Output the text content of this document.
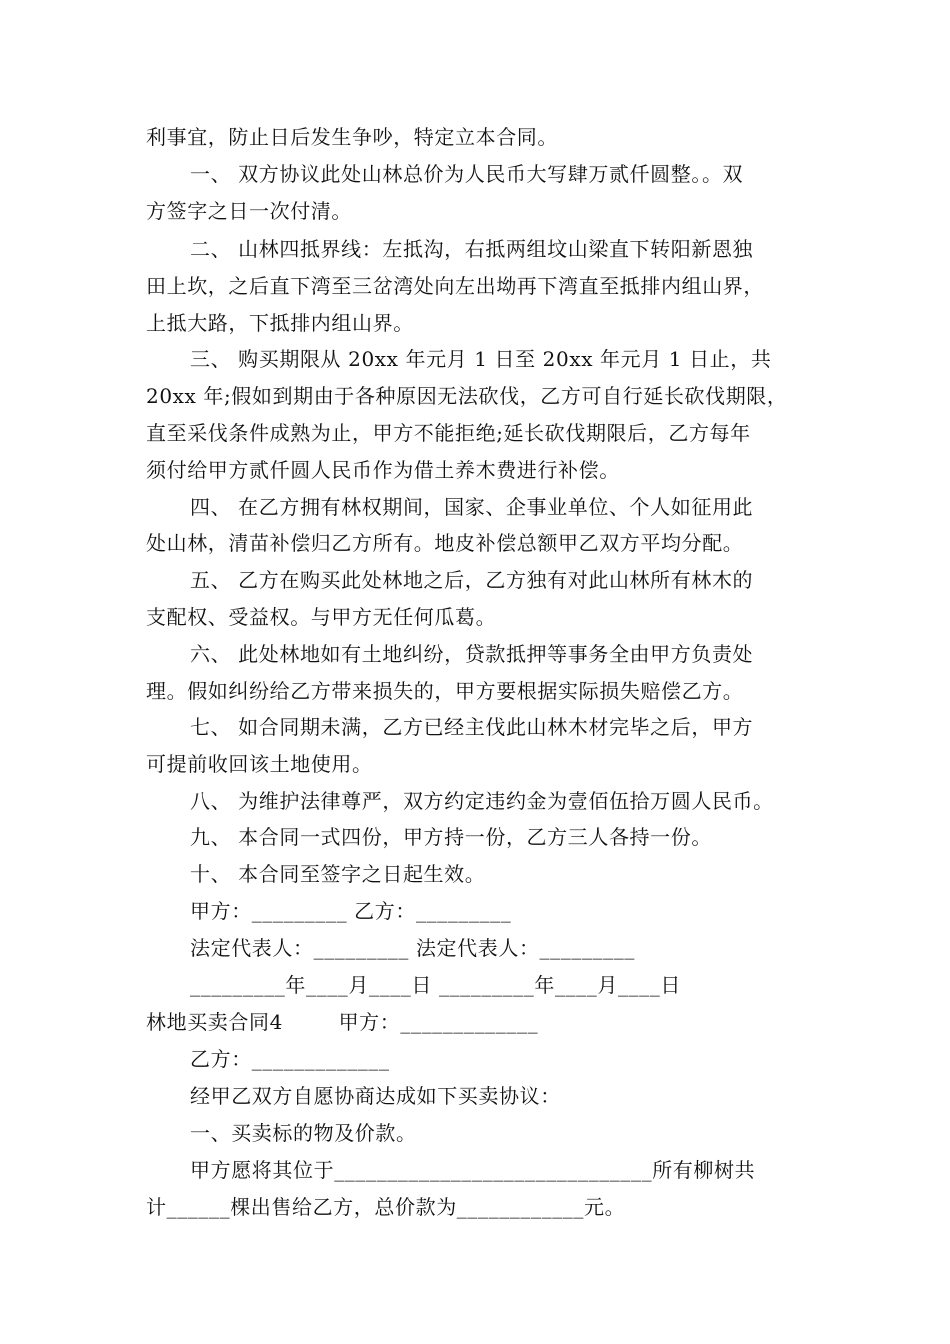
利事宜，防止日后发生争吵，特定立本合同。
一、 双方协议此处山林总价为人民币大写肆万贰仟圆整。。双
方签字之日一次付清。
二、 山林四抵界线：左抵沟，右抵两组坟山梁直下转阳新恩独
田上坎，之后直下湾至三岔湾处向左出坳再下湾直至抵排内组山界，
上抵大路，下抵排内组山界。
三、 购买期限从 20xx 年元月 1 日至 20xx 年元月 1 日止，共
20xx 年;假如到期由于各种原因无法砍伐，乙方可自行延长砍伐期限，
直至采伐条件成熟为止，甲方不能拒绝;延长砍伐期限后，乙方每年
须付给甲方贰仟圆人民币作为借土养木费进行补偿。
四、 在乙方拥有林权期间，国家、企事业单位、个人如征用此
处山林，清苗补偿归乙方所有。地皮补偿总额甲乙双方平均分配。
五、 乙方在购买此处林地之后，乙方独有对此山林所有林木的
支配权、受益权。与甲方无任何瓜葛。
六、 此处林地如有土地纠纷，贷款抵押等事务全由甲方负责处
理。假如纠纷给乙方带来损失的，甲方要根据实际损失赔偿乙方。
七、 如合同期未满，乙方已经主伐此山林木材完毕之后，甲方
可提前收回该土地使用。
八、 为维护法律尊严，双方约定违约金为壹佰伍拾万圆人民币。
九、 本合同一式四份，甲方持一份，乙方三人各持一份。
十、 本合同至签字之日起生效。
甲方：_________ 乙方：_________
法定代表人：_________ 法定代表人：_________
_________年____月____日 _________年____月____日
林地买卖合同4        甲方：_____________
乙方：_____________
经甲乙双方自愿协商达成如下买卖协议：
一、买卖标的物及价款。
甲方愿将其位于______________________________所有柳树共
计______棵出售给乙方，总价款为____________元。
